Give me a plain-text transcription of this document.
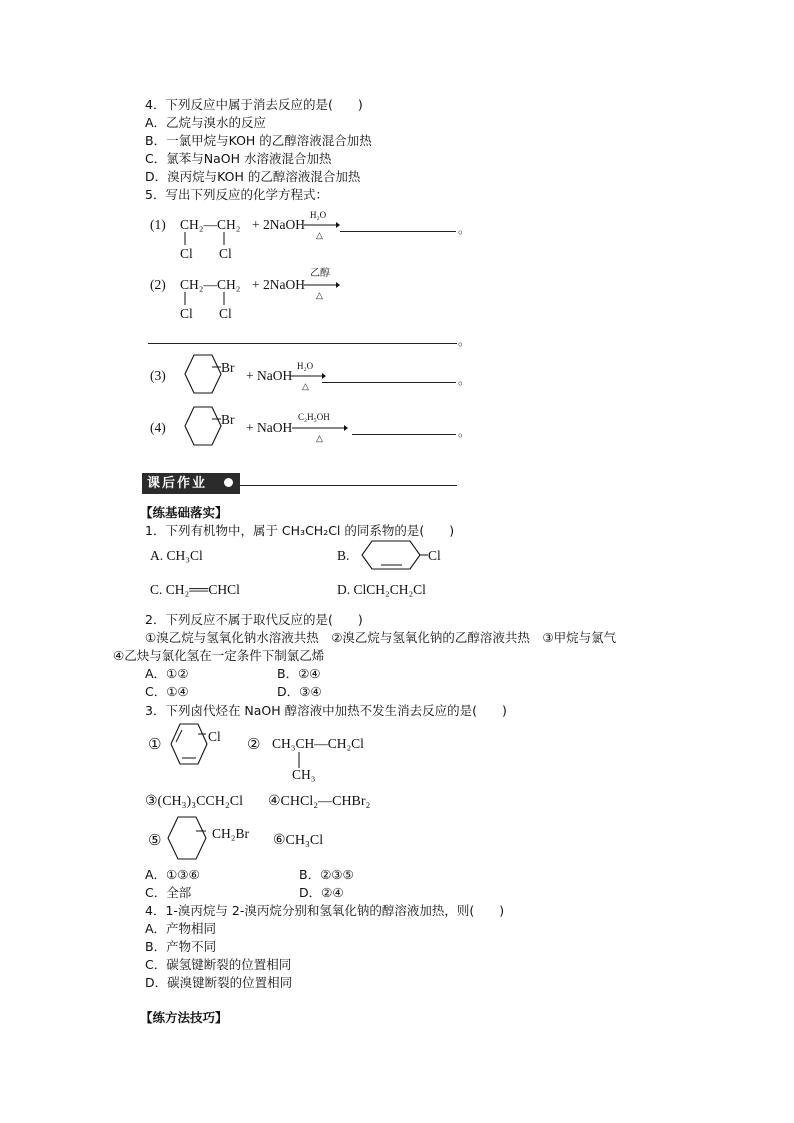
4．下列反应中属于消去反应的是(　　)
A．乙烷与溴水的反应
B．一氯甲烷与KOH 的乙醇溶液混合加热
C．氯苯与NaOH 水溶液混合加热
D．溴丙烷与KOH 的乙醇溶液混合加热
5．写出下列反应的化学方程式：
(1) CH₂—CH₂
Cl Cl
+ 2NaOH
H₂O
△	。
(2) CH₂—CH₂
Cl Cl
+ 2NaOH
乙醇
△
。
(3)
Br
+ NaOH
H₂O
△	。
(4)
Br
+ NaOH
C₂H₅OH
△	。
课后作业
【练基础落实】
1．下列有机物中，属于 CH₃CH₂Cl 的同系物的是(　　)
A. CH₃Cl	B.	Cl
C. CH₂══CHCl	D. ClCH₂CH₂Cl
2．下列反应不属于取代反应的是(　　)
①溴乙烷与氢氧化钠水溶液共热　②溴乙烷与氢氧化钠的乙醇溶液共热　③甲烷与氯气
④乙炔与氯化氢在一定条件下制氯乙烯
A．①②	B．②④
C．①④	D．③④
3．下列卤代烃在 NaOH 醇溶液中加热不发生消去反应的是(　　)
①	Cl ② CH₃CH—CH₂Cl
CH₃
③(CH₃)₃CCH₂Cl ④CHCl₂—CHBr₂
⑤	CH₂Br ⑥CH₃Cl
A．①③⑥	B．②③⑤
C．全部	D．②④
4．1-溴丙烷与 2-溴丙烷分别和氢氧化钠的醇溶液加热，则(　　)
A．产物相同
B．产物不同
C．碳氢键断裂的位置相同
D．碳溴键断裂的位置相同
【练方法技巧】
